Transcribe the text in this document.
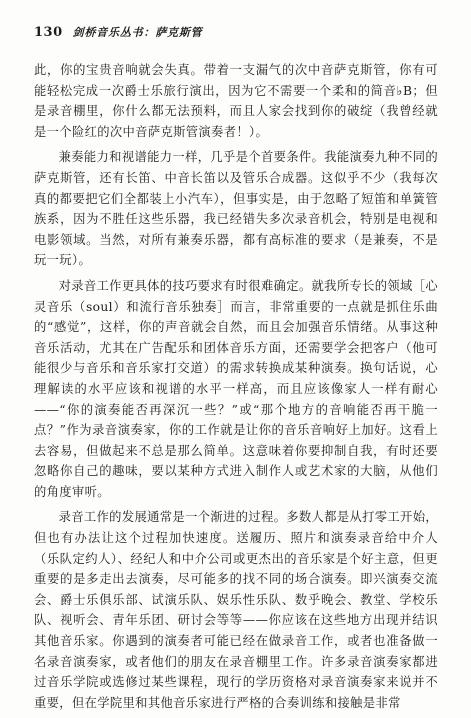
130 剑桥音乐丛书：萨克斯管

此，你的宝贵音响就会失真。带着一支漏气的次中音萨克斯管，你有可能轻松完成一次爵士乐旅行演出，因为它不需要一个柔和的简音♭B；但是录音棚里，你什么都无法预料，而且人家会找到你的破绽（我曾经就是一个险红的次中音萨克斯管演奏者！）。

兼奏能力和视谱能力一样，几乎是个首要条件。我能演奏九种不同的萨克斯管，还有长笛、中音长笛以及管乐合成器。这似乎不少（我每次真的都要把它们全都装上小汽车），但事实是，由于忽略了短笛和单簧管族系，因为不胜任这些乐器，我已经错失多次录音机会，特别是电视和电影领域。当然，对所有兼奏乐器，都有高标准的要求（是兼奏，不是玩一玩）。

对录音工作更具体的技巧要求有时很难确定。就我所专长的领域［心灵音乐（soul）和流行音乐独奏］而言，非常重要的一点就是抓住乐曲的“感觉”，这样，你的声音就会自然，而且会加强音乐情绪。从事这种音乐活动，尤其在广告配乐和团体音乐方面，还需要学会把客户（他可能很少与音乐和音乐家打交道）的需求转换成某种演奏。换句话说，心理解读的水平应该和视谱的水平一样高，而且应该像家人一样有耐心——“你的演奏能否再深沉一些？”或“那个地方的音响能否再干脆一点？”作为录音演奏家，你的工作就是让你的音乐音响好上加好。这看上去容易，但做起来不总是那么简单。这意味着你要抑制自我，有时还要忽略你自己的趣味，要以某种方式进入制作人或艺术家的大脑，从他们的角度审听。

录音工作的发展通常是一个渐进的过程。多数人都是从打零工开始，但也有办法让这个过程加快速度。送履历、照片和演奏录音给中介人（乐队定约人）、经纪人和中介公司或更杰出的音乐家是个好主意，但更重要的是多走出去演奏，尽可能多的找不同的场合演奏。即兴演奏交流会、爵士乐俱乐部、试演乐队、娱乐性乐队、数乎晚会、教堂、学校乐队、视听会、青年乐团、研讨会等等——你应该在这些地方出现并结识其他音乐家。你遇到的演奏者可能已经在做录音工作，或者也准备做一名录音演奏家，或者他们的朋友在录音棚里工作。许多录音演奏家都进过音乐学院或选修过某些课程，现行的学历资格对录音演奏家来说并不重要，但在学院里和其他音乐家进行严格的合奏训练和接触是非常
